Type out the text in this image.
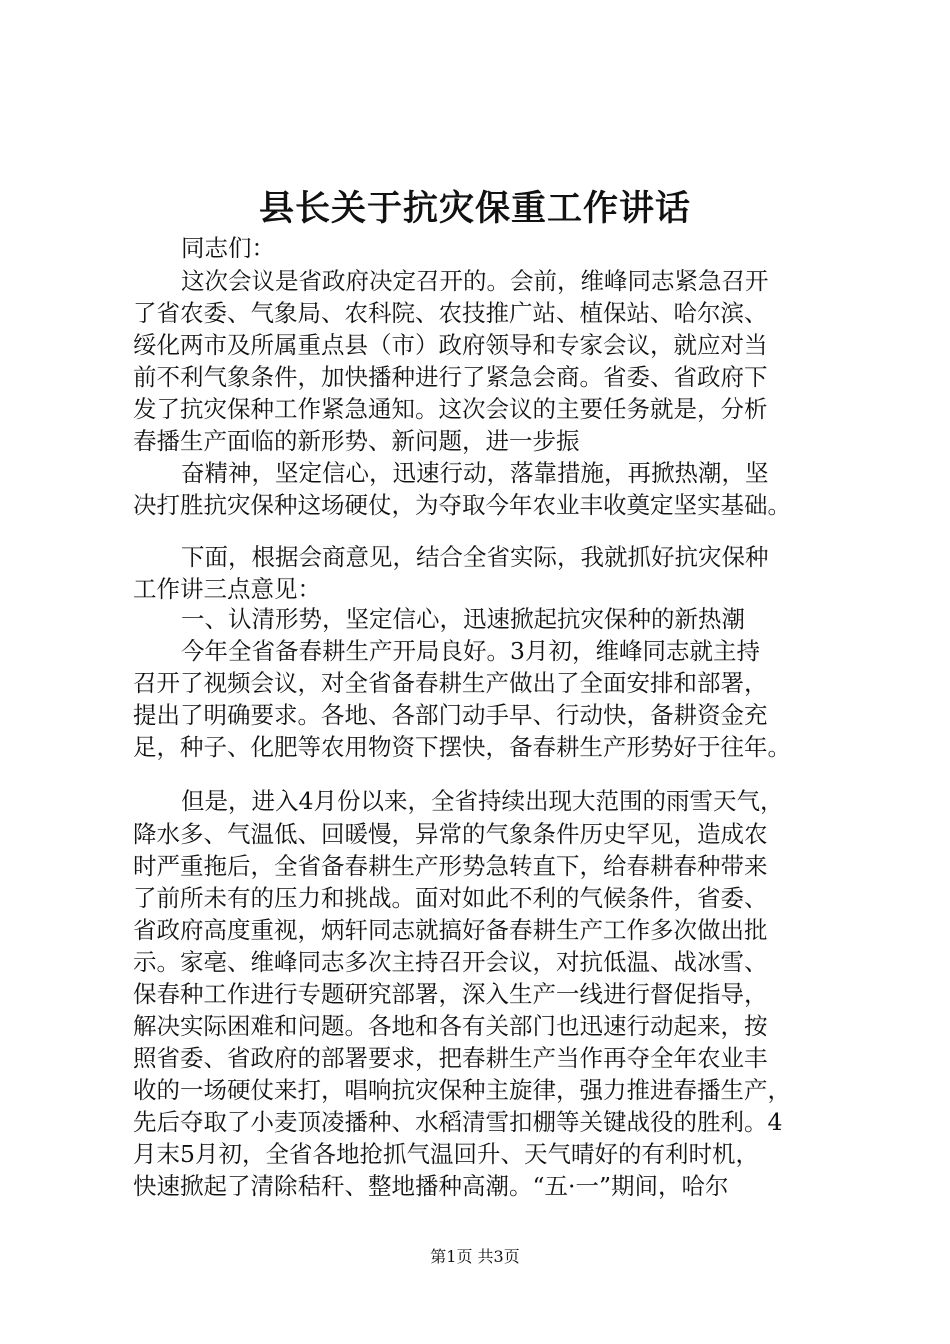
县长关于抗灾保重工作讲话
同志们：
这次会议是省政府决定召开的。会前，维峰同志紧急召开
了省农委、气象局、农科院、农技推广站、植保站、哈尔滨、
绥化两市及所属重点县（市）政府领导和专家会议，就应对当
前不利气象条件，加快播种进行了紧急会商。省委、省政府下
发了抗灾保种工作紧急通知。这次会议的主要任务就是，分析
春播生产面临的新形势、新问题，进一步振
奋精神，坚定信心，迅速行动，落靠措施，再掀热潮，坚
决打胜抗灾保种这场硬仗，为夺取今年农业丰收奠定坚实基础。
下面，根据会商意见，结合全省实际，我就抓好抗灾保种
工作讲三点意见：
一、认清形势，坚定信心，迅速掀起抗灾保种的新热潮
今年全省备春耕生产开局良好。3月初，维峰同志就主持
召开了视频会议，对全省备春耕生产做出了全面安排和部署，
提出了明确要求。各地、各部门动手早、行动快，备耕资金充
足，种子、化肥等农用物资下摆快，备春耕生产形势好于往年。
但是，进入4月份以来，全省持续出现大范围的雨雪天气，
降水多、气温低、回暖慢，异常的气象条件历史罕见，造成农
时严重拖后，全省备春耕生产形势急转直下，给春耕春种带来
了前所未有的压力和挑战。面对如此不利的气候条件，省委、
省政府高度重视，炳轩同志就搞好备春耕生产工作多次做出批
示。家亳、维峰同志多次主持召开会议，对抗低温、战冰雪、
保春种工作进行专题研究部署，深入生产一线进行督促指导，
解决实际困难和问题。各地和各有关部门也迅速行动起来，按
照省委、省政府的部署要求，把春耕生产当作再夺全年农业丰
收的一场硬仗来打，唱响抗灾保种主旋律，强力推进春播生产，
先后夺取了小麦顶凌播种、水稻清雪扣棚等关键战役的胜利。4
月末5月初，全省各地抢抓气温回升、天气晴好的有利时机，
快速掀起了清除秸秆、整地播种高潮。“五·一”期间，哈尔
第1页 共3页
